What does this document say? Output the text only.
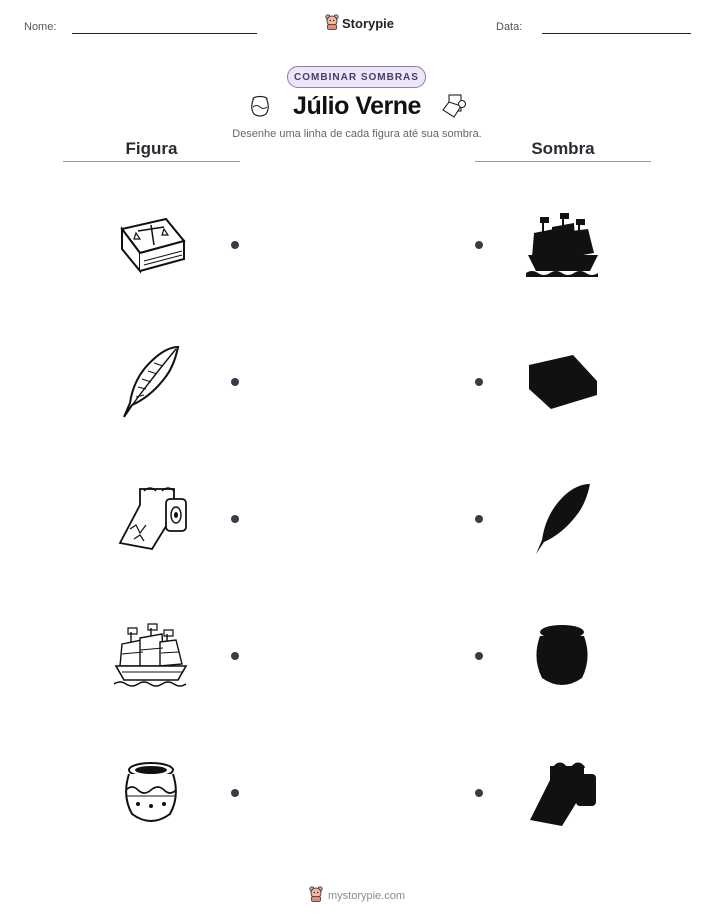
Nome:	Storypie	Data:
COMBINAR SOMBRAS
Júlio Verne
Desenhe uma linha de cada figura até sua sombra.
Figura	Sombra
mystorypie.com
